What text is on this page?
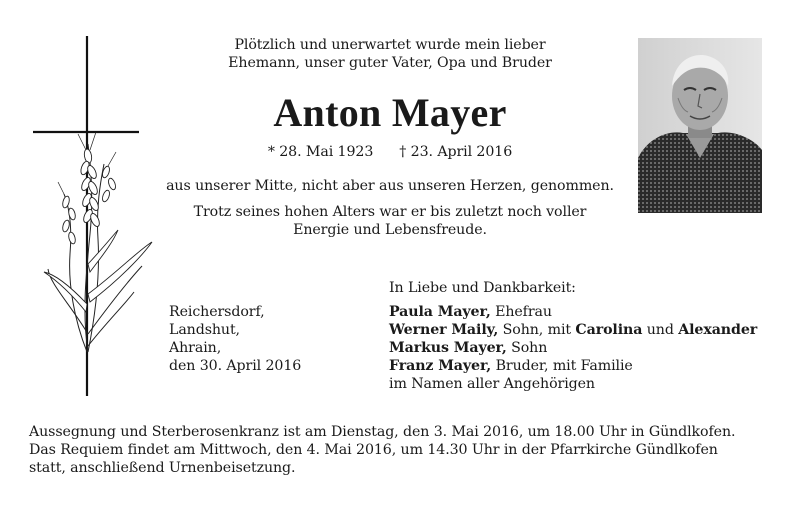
Plötzlich und unerwartet wurde mein lieber
Ehemann, unser guter Vater, Opa und Bruder
Anton Mayer
* 28. Mai 1923 † 23. April 2016
aus unserer Mitte, nicht aber aus unseren Herzen, genommen.
Trotz seines hohen Alters war er bis zuletzt noch voller
Energie und Lebensfreude.
In Liebe und Dankbarkeit:
Reichersdorf,
Landshut,
Ahrain,
den 30. April 2016
Paula Mayer, Ehefrau
Werner Maily, Sohn, mit Carolina und Alexander
Markus Mayer, Sohn
Franz Mayer, Bruder, mit Familie
im Namen aller Angehörigen
Aussegnung und Sterberosenkranz ist am Dienstag, den 3. Mai 2016, um 18.00 Uhr in Gündlkofen.
Das Requiem findet am Mittwoch, den 4. Mai 2016, um 14.30 Uhr in der Pfarrkirche Gündlkofen
statt, anschließend Urnenbeisetzung.
